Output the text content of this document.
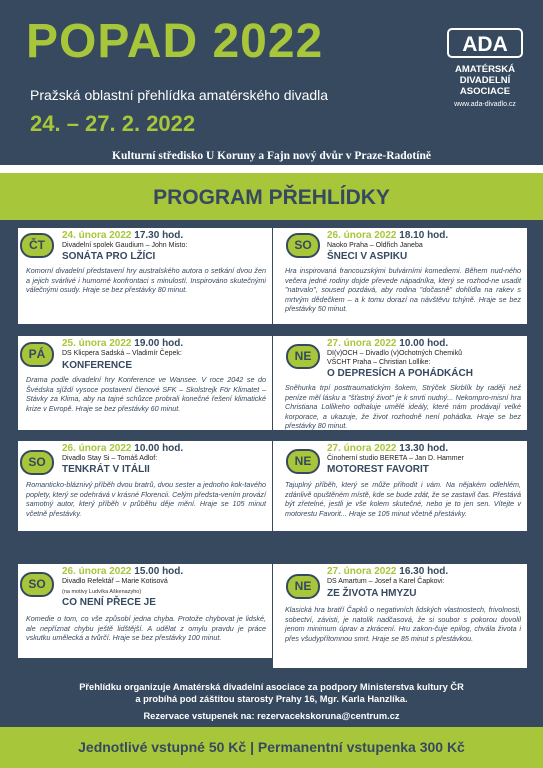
POPAD 2022
Pražská oblastní přehlídka amatérského divadla
24. – 27. 2. 2022
ADA
AMATÉRSKÁ
DIVADELNÍ
ASOCIACE
www.ada-divadlo.cz
Kulturní středisko U Koruny a Fajn nový dvůr v Praze-Radotíně
PROGRAM PŘEHLÍDKY
ČT
24. února 2022 17.30 hod.
Divadelní spolek Gaudium – John Misto:
SONÁTA PRO LŽÍCI
Komorní divadelní představení hry australského autora o setkání dvou žen a jejich svárlivé i humorné konfrontaci s minulostí. Inspirováno skutečnými válečnými osudy. Hraje se bez přestávky 80 minut.
SO
26. února 2022 18.10 hod.
Naoko Praha – Oldřich Janeba
ŠNECI V ASPIKU
Hra inspirovaná francouzskými bulvárními komediemi. Během nud-ného večera jedné rodiny dojde převede nápadníka, který se rozhod-ne usadit "natrvalo", soused pozdává, aby rodina "dočasně" dohlídla na rakev s mrtvým dědečkem – a k tomu dorazí na návštěvu tchýně. Hraje se bez přestávky 50 minut.
PÁ
25. února 2022 19.00 hod.
DS Klicpera Sadská – Vladimír Čepek:
KONFERENCE
Drama podle divadelní hry Konference ve Wansee. V roce 2042 se do Švédska sjíždí vysoce postavení členové SFK – Skolstrejk För Klimatet – Stávky za Klima, aby na tajné schůzce probrali konečné řešení klimatické krize v Evropě. Hraje se bez přestávky 60 minut.
NE
27. února 2022 10.00 hod.
DI(v)OCH – Divadlo (v)Ochotných Chemiků
VŠCHT Praha – Christian Lollike:
O DEPRESÍCH A POHÁDKÁCH
Sněhurka trpí posttraumatickým šokem, Strýček Skrblík by raději než peníze měl lásku a "šťastný život" je k smrti nudný... Nekompro-misní hra Christiana Lollikeho odhaluje umělé ideály, které nám prodávají velké korporace, a ukazuje, že život rozhodně není pohádka. Hraje se bez přestávky 80 minut.
SO
26. února 2022 10.00 hod.
Divadlo Stay Si – Tomáš Adlof:
TENKRÁT V ITÁLII
Romanticko-bláznivý příběh dvou bratrů, dvou sester a jednoho kok-tavého poplety, který se odehrává v krásné Florencii. Celým předsta-vením provází samotný autor, který příběh v průběhu děje mění. Hraje se 105 minut včetně přestávky.
NE
27. února 2022 13.30 hod.
Činoherní studio BERETA – Jan D. Hammer
MOTOREST FAVORIT
Tajuplný příběh, který se může přihodit i vám. Na nějakém odlehlém, zdánlivě opuštěném místě, kde se bude zdát, že se zastavil čas. Přestává být zřetelné, jestli je vše kolem skutečné, nebo je to jen sen. Vítejte v motorestu Favorit... Hraje se 105 minut včetně přestávky.
SO
26. února 2022 15.00 hod.
Divadlo Refektář – Marie Kotisová
(na motivy Ludvíka Aškenazyho)
CO NENÍ PŘECE JE
Komedie o tom, co vše způsobí jedna chyba. Protože chybovat je lidské, ale nepříznat chybu ještě lidštější. A udělat z omylu pravdu je práce vskutku umělecká a tvůrčí. Hraje se bez přestávky 100 minut.
NE
27. února 2022 16.30 hod.
DS Amartum – Josef a Karel Čapkovi:
ZE ŽIVOTA HMYZU
Klasická hra bratří Čapků o negativních lidských vlastnostech, frivolnosti, sobectví, závisti, je natolik nadčasová, že si soubor s pokorou dovolil jenom minimum úprav a zkrácení. Hru zakon-čuje epilog, chvála života i přes všudypřítomnou smrt. Hraje se 85 minut s přestávkou.
Přehlídku organizuje Amatérská divadelní asociace za podpory Ministerstva kultury ČR
a probíhá pod záštitou starosty Prahy 16, Mgr. Karla Hanzlíka.
Rezervace vstupenek na: rezervacekskoruna@centrum.cz
Jednotlivé vstupné 50 Kč | Permanentní vstupenka 300 Kč
